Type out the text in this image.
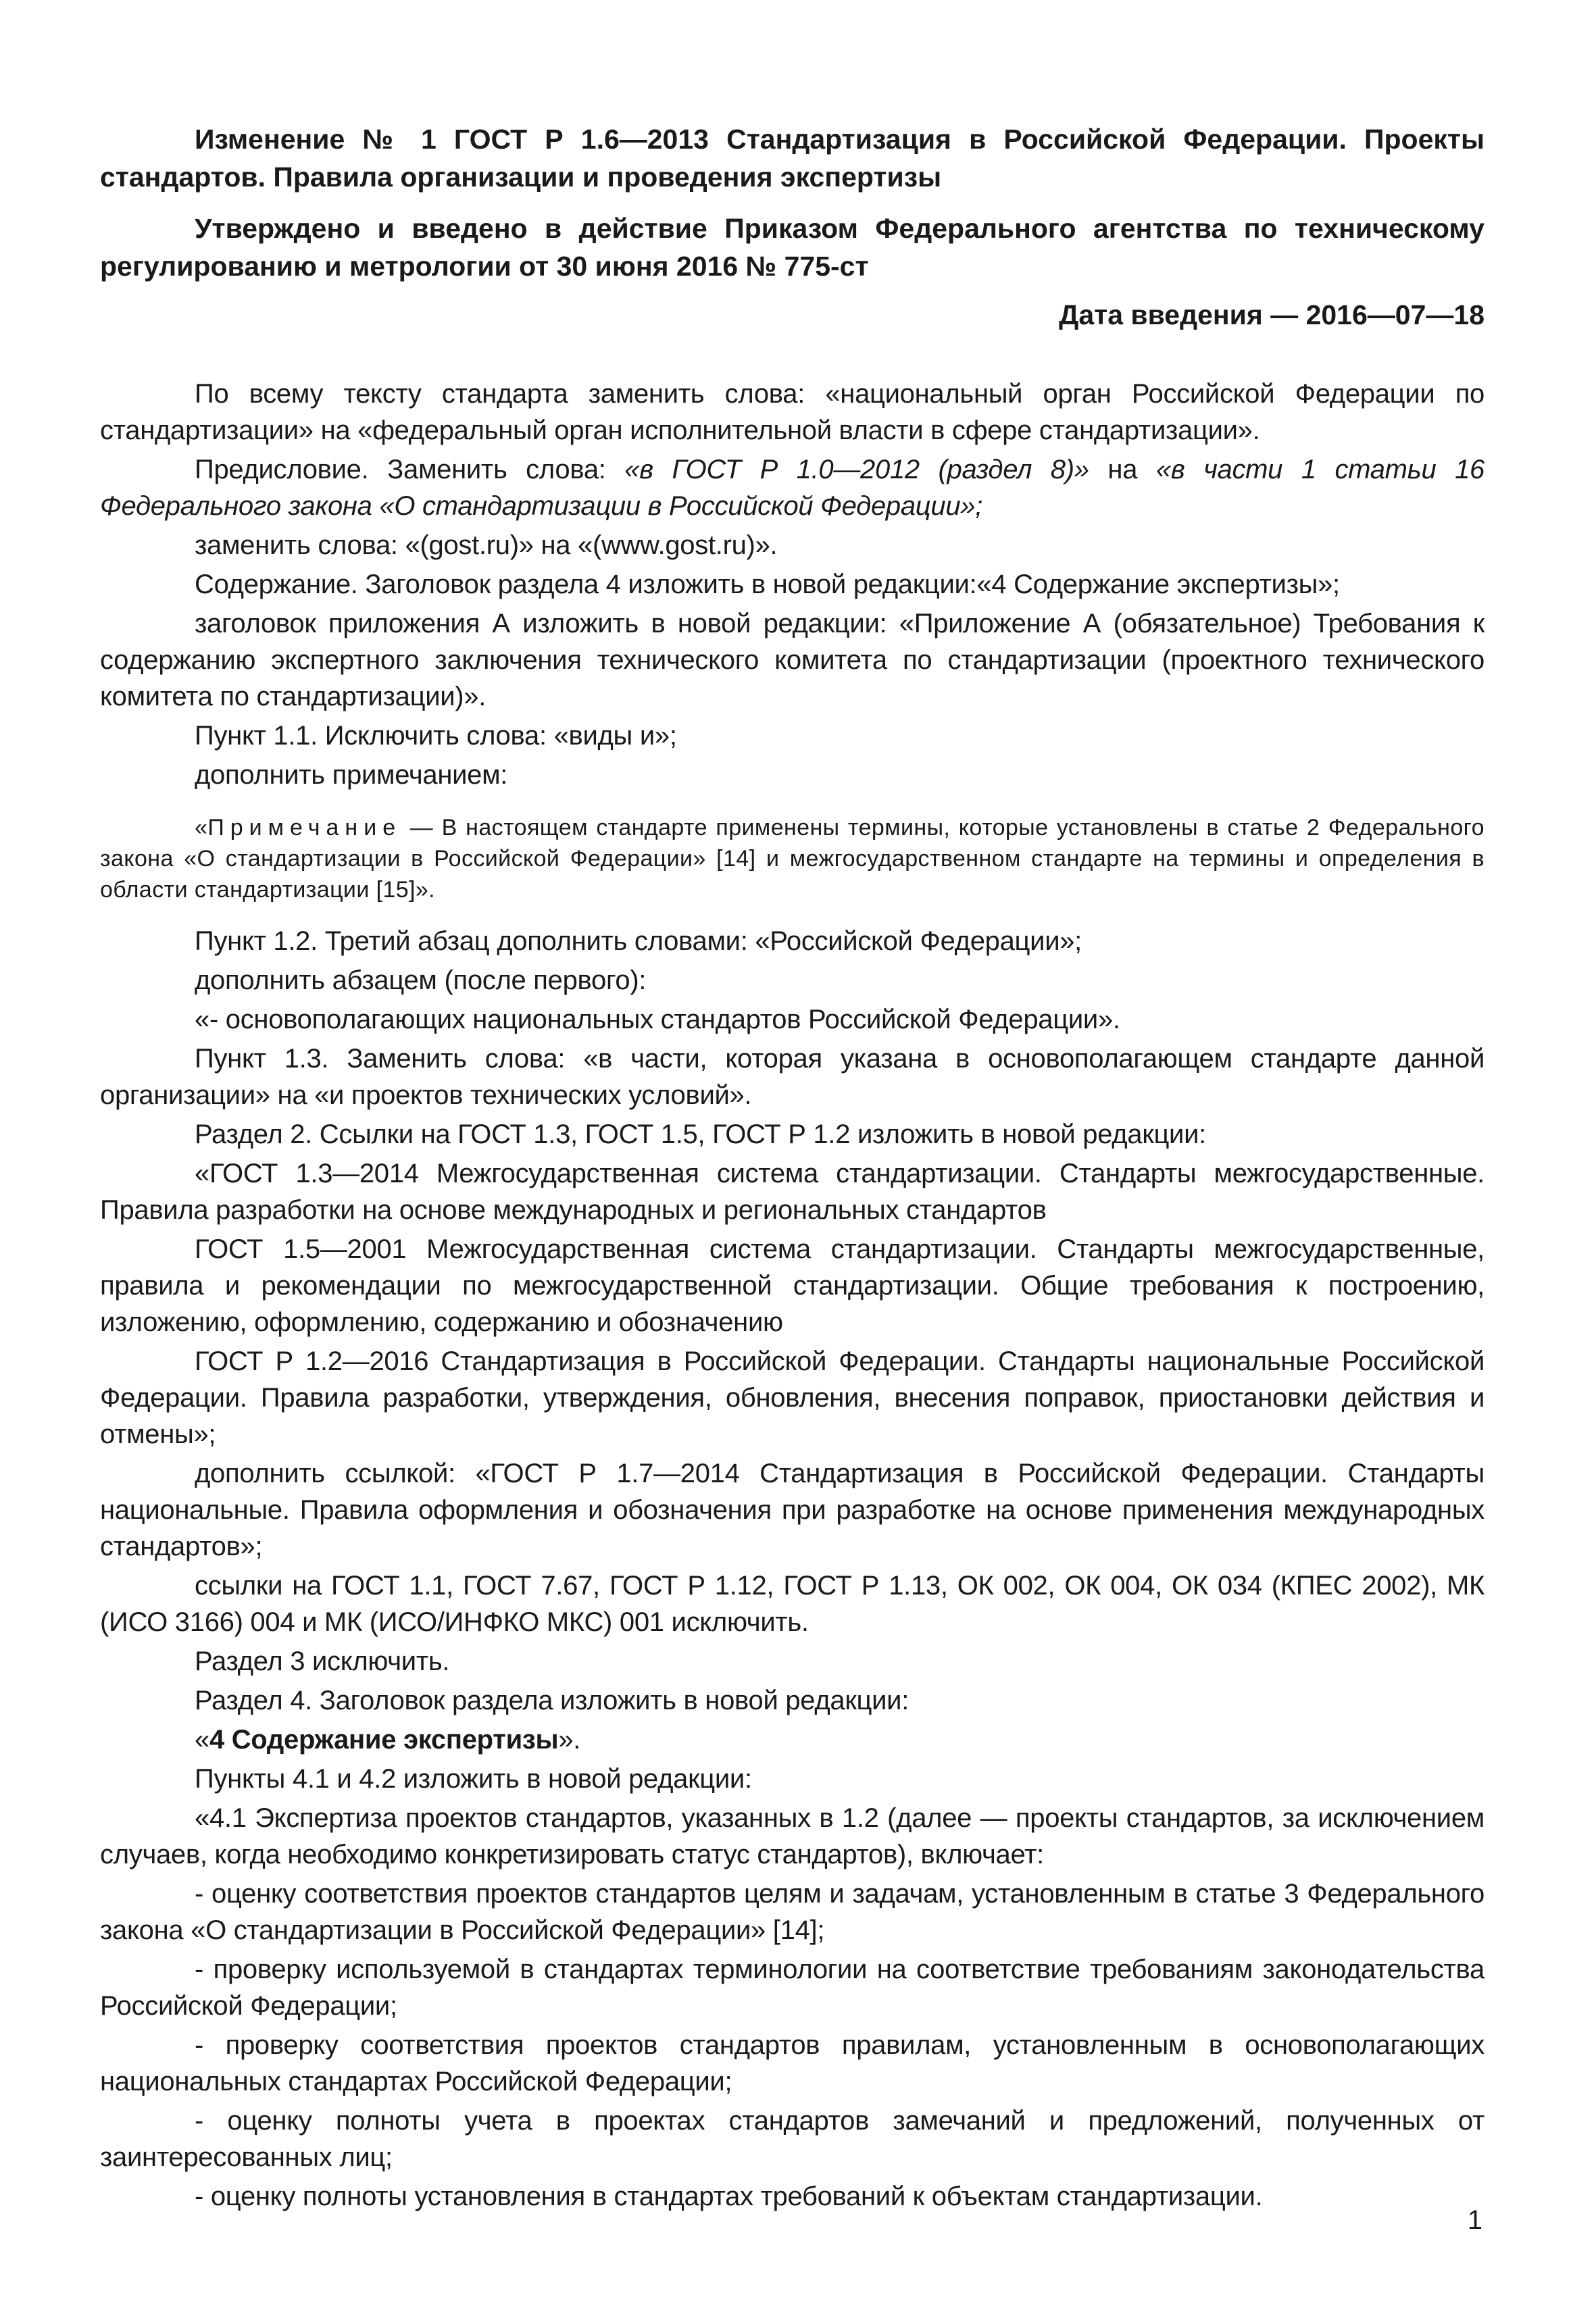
Изменение № 1 ГОСТ Р 1.6—2013 Стандартизация в Российской Федерации. Проекты стандартов. Правила организации и проведения экспертизы

Утверждено и введено в действие Приказом Федерального агентства по техническому регулированию и метрологии от 30 июня 2016 № 775-ст

Дата введения — 2016—07—18

По всему тексту стандарта заменить слова: «национальный орган Российской Федерации по стандартизации» на «федеральный орган исполнительной власти в сфере стандартизации».

Предисловие. Заменить слова: «в ГОСТ Р 1.0—2012 (раздел 8)» на «в части 1 статьи 16 Федерального закона «О стандартизации в Российской Федерации»;

заменить слова: «(gost.ru)» на «(www.gost.ru)».

Содержание. Заголовок раздела 4 изложить в новой редакции:«4 Содержание экспертизы»;

заголовок приложения А изложить в новой редакции: «Приложение А (обязательное) Требования к содержанию экспертного заключения технического комитета по стандартизации (проектного технического комитета по стандартизации)».

Пункт 1.1. Исключить слова: «виды и»;

дополнить примечанием:

«Примечание — В настоящем стандарте применены термины, которые установлены в статье 2 Федерального закона «О стандартизации в Российской Федерации» [14] и межгосударственном стандарте на термины и определения в области стандартизации [15]».

Пункт 1.2. Третий абзац дополнить словами: «Российской Федерации»;

дополнить абзацем (после первого):

«- основополагающих национальных стандартов Российской Федерации».

Пункт 1.3. Заменить слова: «в части, которая указана в основополагающем стандарте данной организации» на «и проектов технических условий».

Раздел 2. Ссылки на ГОСТ 1.3, ГОСТ 1.5, ГОСТ Р 1.2 изложить в новой редакции:

«ГОСТ 1.3—2014 Межгосударственная система стандартизации. Стандарты межгосударственные. Правила разработки на основе международных и региональных стандартов

ГОСТ 1.5—2001 Межгосударственная система стандартизации. Стандарты межгосударственные, правила и рекомендации по межгосударственной стандартизации. Общие требования к построению, изложению, оформлению, содержанию и обозначению

ГОСТ Р 1.2—2016 Стандартизация в Российской Федерации. Стандарты национальные Российской Федерации. Правила разработки, утверждения, обновления, внесения поправок, приостановки действия и отмены»;

дополнить ссылкой: «ГОСТ Р 1.7—2014 Стандартизация в Российской Федерации. Стандарты национальные. Правила оформления и обозначения при разработке на основе применения международных стандартов»;

ссылки на ГОСТ 1.1, ГОСТ 7.67, ГОСТ Р 1.12, ГОСТ Р 1.13, ОК 002, ОК 004, ОК 034 (КПЕС 2002), МК (ИСО 3166) 004 и МК (ИСО/ИНФКО МКС) 001 исключить.

Раздел 3 исключить.

Раздел 4. Заголовок раздела изложить в новой редакции:

«4 Содержание экспертизы».

Пункты 4.1 и 4.2 изложить в новой редакции:

«4.1 Экспертиза проектов стандартов, указанных в 1.2 (далее — проекты стандартов, за исключением случаев, когда необходимо конкретизировать статус стандартов), включает:

- оценку соответствия проектов стандартов целям и задачам, установленным в статье 3 Федерального закона «О стандартизации в Российской Федерации» [14];

- проверку используемой в стандартах терминологии на соответствие требованиям законодательства Российской Федерации;

- проверку соответствия проектов стандартов правилам, установленным в основополагающих национальных стандартах Российской Федерации;

- оценку полноты учета в проектах стандартов замечаний и предложений, полученных от заинтересованных лиц;

- оценку полноты установления в стандартах требований к объектам стандартизации.

1
